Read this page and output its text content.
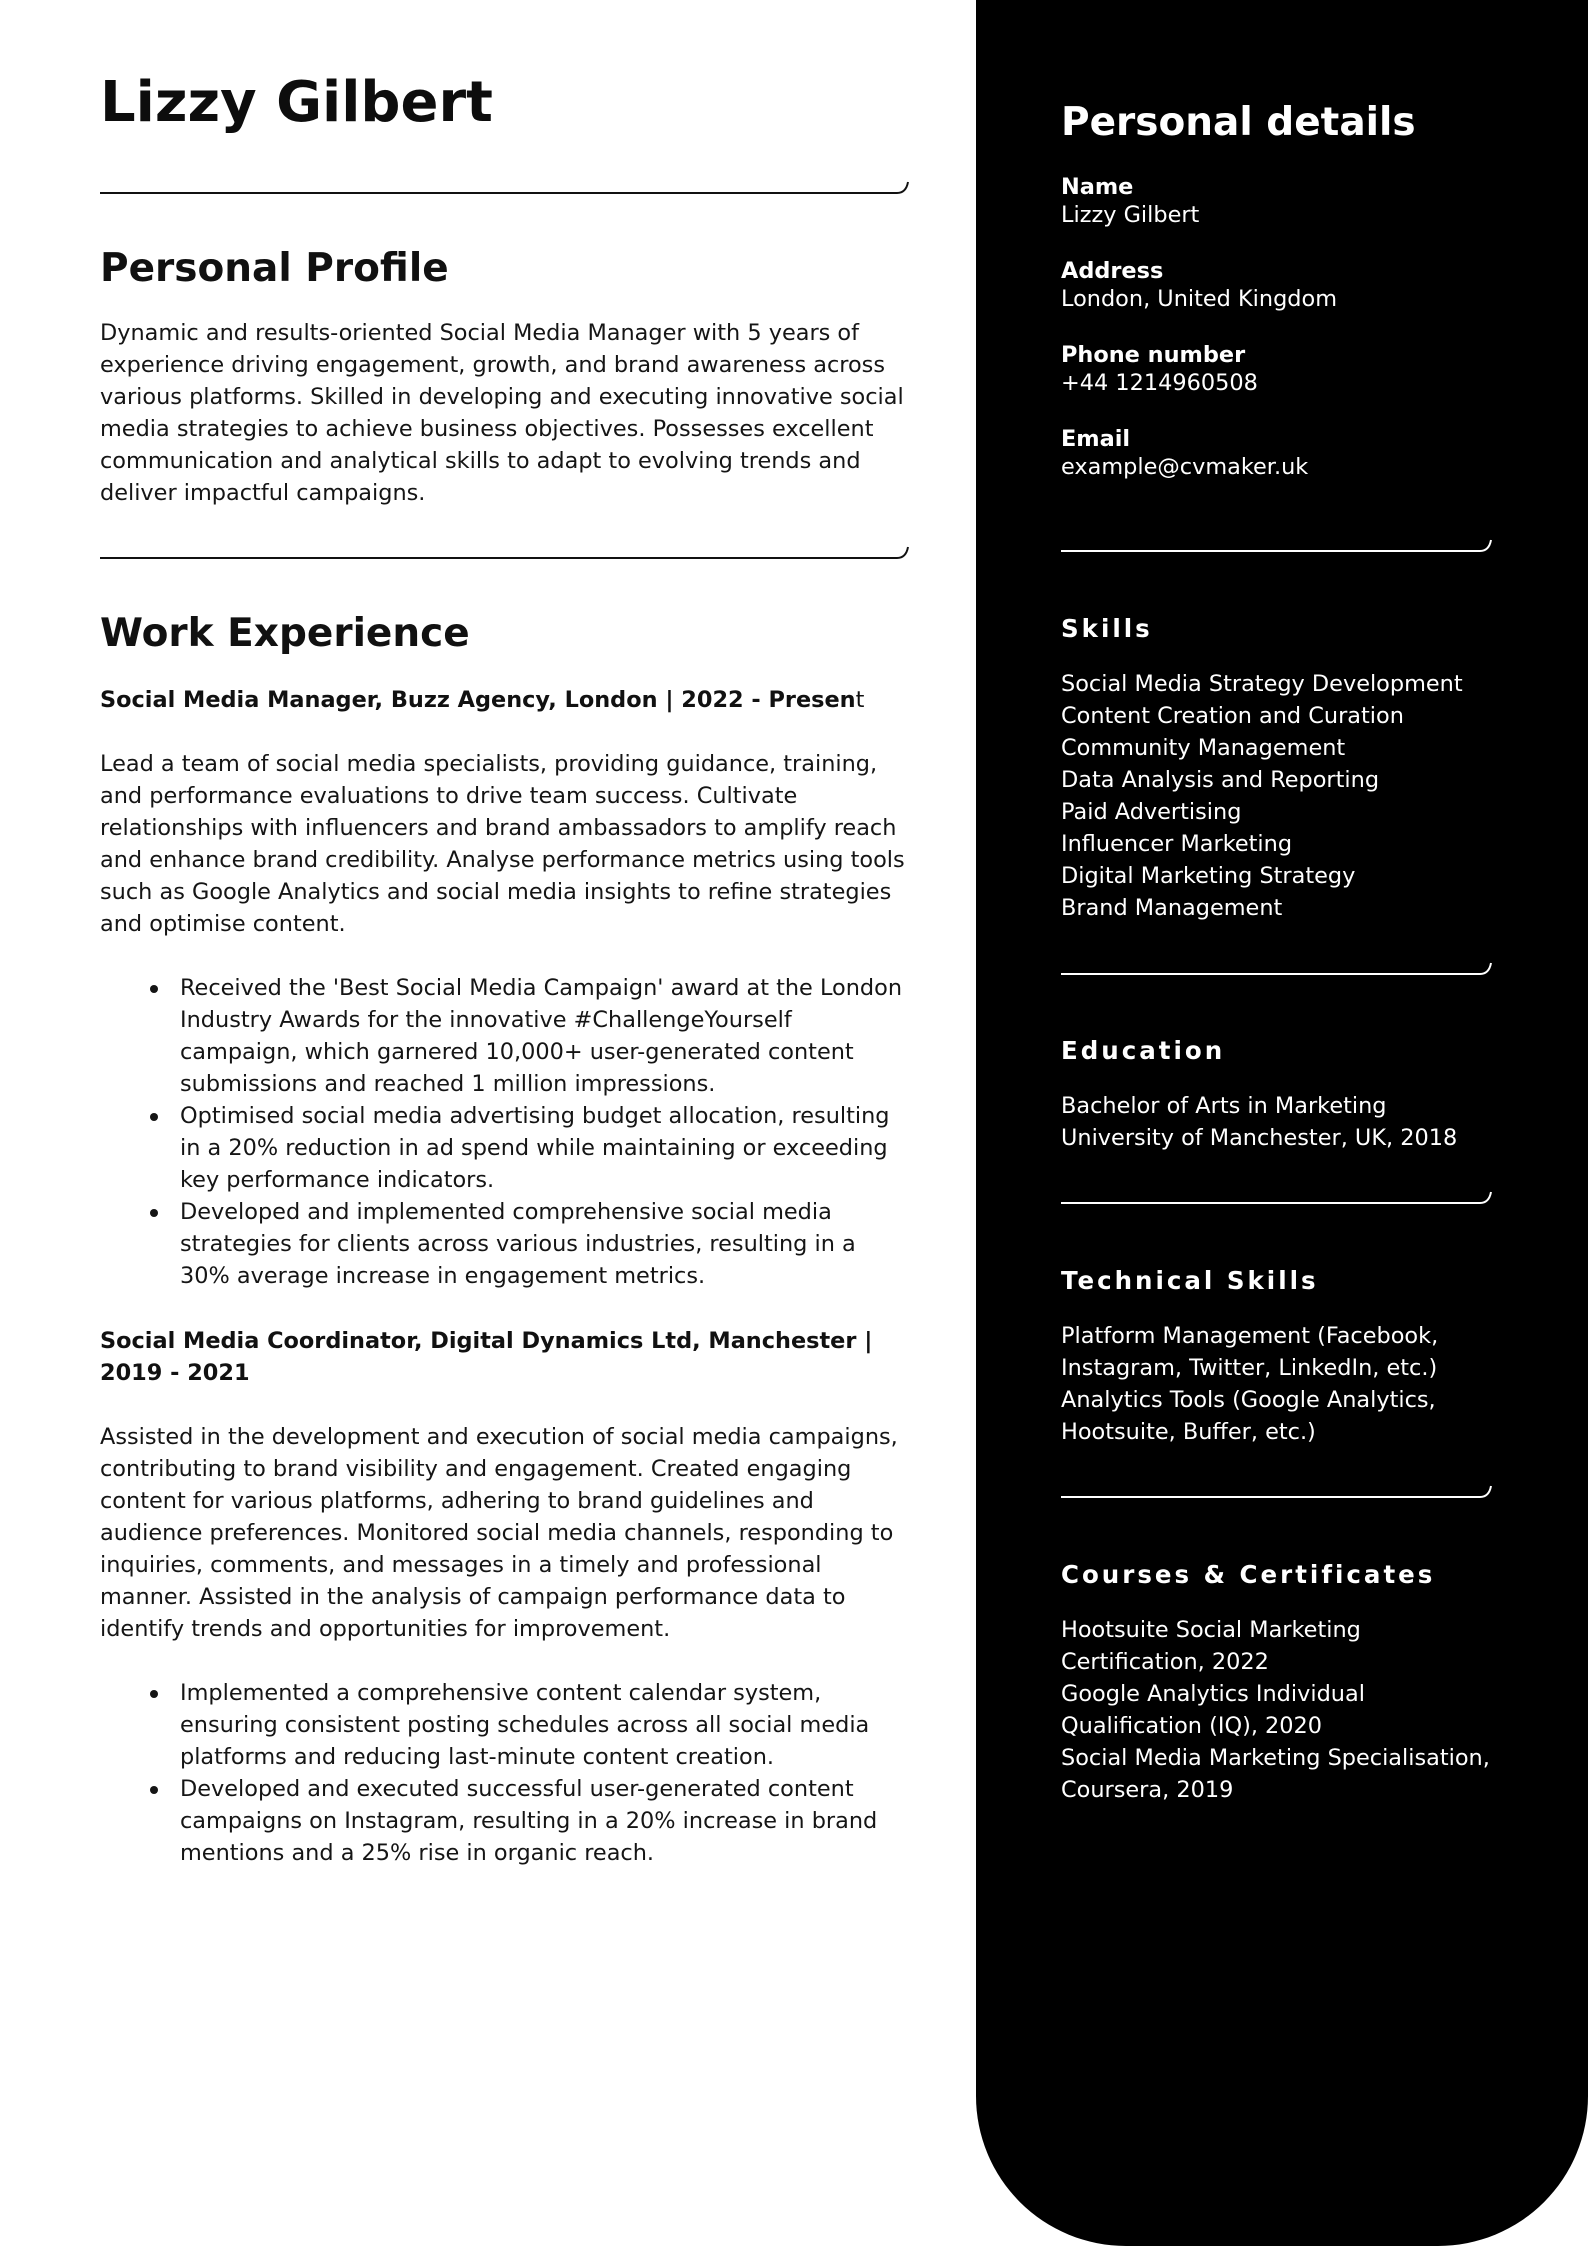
Lizzy Gilbert
Personal Profile

Dynamic and results-oriented Social Media Manager with 5 years of experience driving engagement, growth, and brand awareness across various platforms. Skilled in developing and executing innovative social media strategies to achieve business objectives. Possesses excellent communication and analytical skills to adapt to evolving trends and deliver impactful campaigns.

Work Experience
Social Media Manager, Buzz Agency, London | 2022 - Present

Lead a team of social media specialists, providing guidance, training, and performance evaluations to drive team success. Cultivate relationships with influencers and brand ambassadors to amplify reach and enhance brand credibility. Analyse performance metrics using tools such as Google Analytics and social media insights to refine strategies and optimise content.

Received the 'Best Social Media Campaign' award at the London Industry Awards for the innovative #ChallengeYourself campaign, which garnered 10,000+ user-generated content submissions and reached 1 million impressions.
Optimised social media advertising budget allocation, resulting in a 20% reduction in ad spend while maintaining or exceeding key performance indicators.
Developed and implemented comprehensive social media strategies for clients across various industries, resulting in a 30% average increase in engagement metrics.
Social Media Coordinator, Digital Dynamics Ltd, Manchester | 2019 - 2021

Assisted in the development and execution of social media campaigns, contributing to brand visibility and engagement. Created engaging content for various platforms, adhering to brand guidelines and audience preferences. Monitored social media channels, responding to inquiries, comments, and messages in a timely and professional manner. Assisted in the analysis of campaign performance data to identify trends and opportunities for improvement.

Implemented a comprehensive content calendar system, ensuring consistent posting schedules across all social media platforms and reducing last-minute content creation.
Developed and executed successful user-generated content campaigns on Instagram, resulting in a 20% increase in brand mentions and a 25% rise in organic reach.
Personal details
Name
Lizzy Gilbert
Address
London, United Kingdom
Phone number
+44 1214960508
Email
example@cvmaker.uk
Skills
Social Media Strategy Development
Content Creation and Curation
Community Management
Data Analysis and Reporting
Paid Advertising
Influencer Marketing
Digital Marketing Strategy
Brand Management
Education
Bachelor of Arts in Marketing
University of Manchester, UK, 2018
Technical Skills
Platform Management (Facebook, Instagram, Twitter, LinkedIn, etc.)
Analytics Tools (Google Analytics, Hootsuite, Buffer, etc.)
Courses & Certificates
Hootsuite Social Marketing Certification, 2022
Google Analytics Individual Qualification (IQ), 2020
Social Media Marketing Specialisation, Coursera, 2019
